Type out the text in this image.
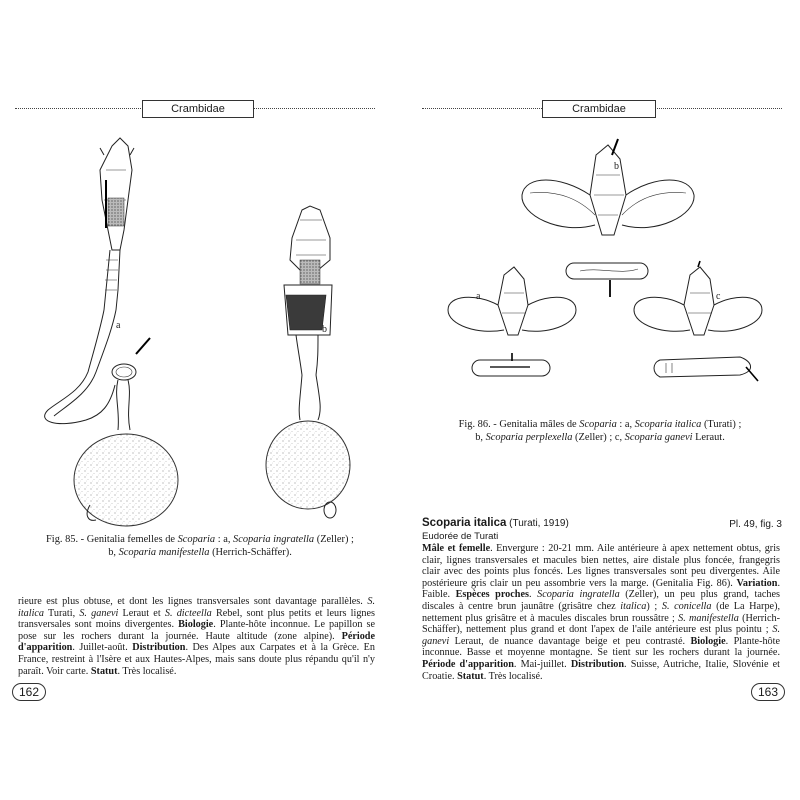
Crambidae
a	b
Fig. 85. - Genitalia femelles de Scoparia : a, Scoparia ingratella (Zeller) ;
b, Scoparia manifestella (Herrich-Schäffer).
rieure est plus obtuse, et dont les lignes transversales sont davantage parallèles. S. italica Turati, S. ganevi Leraut et S. dicteella Rebel, sont plus petits et leurs lignes transversales sont moins divergentes. Biologie. Plante-hôte inconnue. Le papillon se pose sur les rochers durant la journée. Haute altitude (zone alpine). Période d'apparition. Juillet-août. Distribution. Des Alpes aux Carpates et à la Grèce. En France, restreint à l'Isère et aux Hautes-Alpes, mais sans doute plus répandu qu'il n'y paraît. Voir carte. Statut. Très localisé.
162
Crambidae
b
a	c
Fig. 86. - Genitalia mâles de Scoparia : a, Scoparia italica (Turati) ;
b, Scoparia perplexella (Zeller) ; c, Scoparia ganevi Leraut.
Scoparia italica (Turati, 1919)	Pl. 49, fig. 3
Eudorée de Turati
Mâle et femelle. Envergure : 20-21 mm. Aile antérieure à apex nettement obtus, gris clair, lignes transversales et macules bien nettes, aire distale plus foncée, frangegris clair avec des points plus foncés. Les lignes transversales sont peu divergentes. Aile postérieure gris clair un peu assombrie vers la marge. (Genitalia Fig. 86). Variation. Faible. Espèces proches. Scoparia ingratella (Zeller), un peu plus grand, taches discales à centre brun jaunâtre (grisâtre chez italica) ; S. conicella (de La Harpe), nettement plus grisâtre et à macules discales brun roussâtre ; S. manifestella (Herrich-Schäffer), nettement plus grand et dont l'apex de l'aile antérieure est plus pointu ; S. ganevi Leraut, de nuance davantage beige et peu contrasté. Biologie. Plante-hôte inconnue. Basse et moyenne montagne. Se tient sur les rochers durant la journée. Période d'apparition. Mai-juillet. Distribution. Suisse, Autriche, Italie, Slovénie et Croatie. Statut. Très localisé.
163
